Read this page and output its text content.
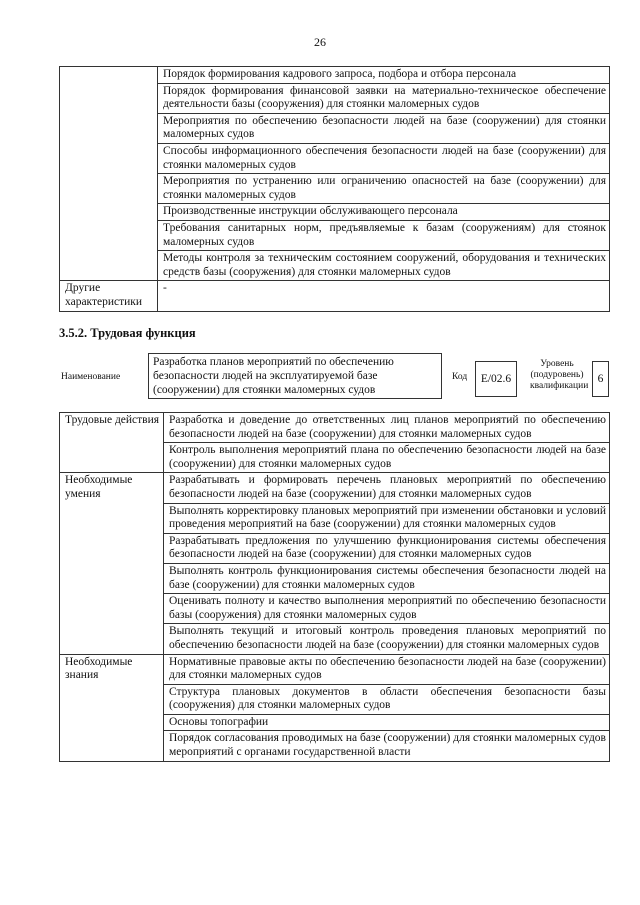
26
	Порядок формирования кадрового запроса, подбора и отбора персонала
	Порядок формирования финансовой заявки на материально-техническое обеспечение деятельности базы (сооружения) для стоянки маломерных судов
	Мероприятия по обеспечению безопасности людей на базе (сооружении) для стоянки маломерных судов
	Способы информационного обеспечения безопасности людей на базе (сооружении) для стоянки маломерных судов
	Мероприятия по устранению или ограничению опасностей на базе (сооружении) для стоянки маломерных судов
	Производственные инструкции обслуживающего персонала
	Требования санитарных норм, предъявляемые к базам (сооружениям) для стоянок маломерных судов
	Методы контроля за техническим состоянием сооружений, оборудования и технических средств базы (сооружения) для стоянки маломерных судов
Другие характеристики	-
3.5.2. Трудовая функция
Наименование
Разработка планов мероприятий по обеспечению безопасности людей на эксплуатируемой базе (сооружении) для стоянки маломерных судов
Код	E/02.6
Уровень (подуровень) квалификации
6
Трудовые действия	Разработка и доведение до ответственных лиц планов мероприятий по обеспечению безопасности людей на базе (сооружении) для стоянки маломерных судов
	Контроль выполнения мероприятий плана по обеспечению безопасности людей на базе (сооружении) для стоянки маломерных судов
Необходимые умения	Разрабатывать и формировать перечень плановых мероприятий по обеспечению безопасности людей на базе (сооружении) для стоянки маломерных судов
	Выполнять корректировку плановых мероприятий при изменении обстановки и условий проведения мероприятий на базе (сооружении) для стоянки маломерных судов
	Разрабатывать предложения по улучшению функционирования системы обеспечения безопасности людей на базе (сооружении) для стоянки маломерных судов
	Выполнять контроль функционирования системы обеспечения безопасности людей на базе (сооружении) для стоянки маломерных судов
	Оценивать полноту и качество выполнения мероприятий по обеспечению безопасности базы (сооружения) для стоянки маломерных судов
	Выполнять текущий и итоговый контроль проведения плановых мероприятий по обеспечению безопасности людей на базе (сооружении) для стоянки маломерных судов
Необходимые знания	Нормативные правовые акты по обеспечению безопасности людей на базе (сооружении) для стоянки маломерных судов
	Структура плановых документов в области обеспечения безопасности базы (сооружения) для стоянки маломерных судов
	Основы топографии
	Порядок согласования проводимых на базе (сооружении) для стоянки маломерных судов мероприятий с органами государственной власти
